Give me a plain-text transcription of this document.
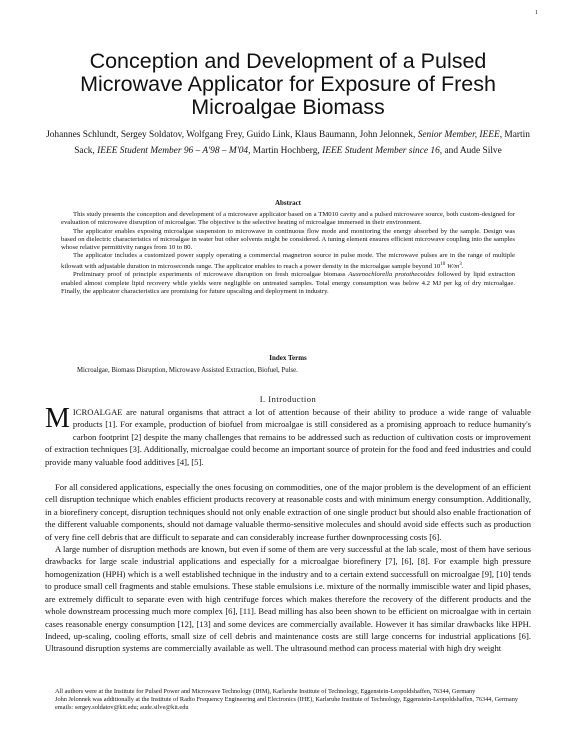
1
Conception and Development of a Pulsed Microwave Applicator for Exposure of Fresh Microalgae Biomass
Johannes Schlundt, Sergey Soldatov, Wolfgang Frey, Guido Link, Klaus Baumann, John Jelonnek, Senior Member, IEEE, Martin Sack, IEEE Student Member 96 – A'98 – M'04, Martin Hochberg, IEEE Student Member since 16, and Aude Silve
Abstract

This study presents the conception and development of a microwave applicator based on a TM010 cavity and a pulsed microwave source, both custom-designed for evaluation of microwave disruption of microalgae. The objective is the selective heating of microalgae immersed in their environment.

The applicator enables exposing microalgae suspension to microwave in continuous flow mode and monitoring the energy absorbed by the sample. Design was based on dielectric characteristics of microalgae in water but other solvents might be considered. A tuning element ensures efficient microwave coupling into the samples whose relative permittivity ranges from 10 to 80.

The applicator includes a customized power supply operating a commercial magnetron source in pulse mode. The microwave pulses are in the range of multiple kilowatt with adjustable duration in microseconds range. The applicator enables to reach a power density in the microalgae sample beyond $10^{10}$ $W/m^3$.

Preliminary proof of principle experiments of microwave disruption on fresh microalgae biomass Auxenochlorella protothecoides followed by lipid extraction enabled almost complete lipid recovery while yields were negligible on untreated samples. Total energy consumption was below 4.2 MJ per kg of dry microalgae. Finally, the applicator characteristics are promising for future upscaling and deployment in industry.

Index Terms
Microalgae, Biomass Disruption, Microwave Assisted Extraction, Biofuel, Pulse.
I. Introduction

MICROALGAE are natural organisms that attract a lot of attention because of their ability to produce a wide range of valuable products [1]. For example, production of biofuel from microalgae is still considered as a promising approach to reduce humanity's carbon footprint [2] despite the many challenges that remains to be addressed such as reduction of cultivation costs or improvement of extraction techniques [3]. Additionally, microalgae could become an important source of protein for the food and feed industries and could provide many valuable food additives [4], [5].

For all considered applications, especially the ones focusing on commodities, one of the major problem is the development of an efficient cell disruption technique which enables efficient products recovery at reasonable costs and with minimum energy consumption. Additionally, in a biorefinery concept, disruption techniques should not only enable extraction of one single product but should also enable fractionation of the different valuable components, should not damage valuable thermo-sensitive molecules and should avoid side effects such as production of very fine cell debris that are difficult to separate and can considerably increase further downprocessing costs [6].

A large number of disruption methods are known, but even if some of them are very successful at the lab scale, most of them have serious drawbacks for large scale industrial applications and especially for a microalgae biorefinery [7], [6], [8]. For example high pressure homogenization (HPH) which is a well established technique in the industry and to a certain extend successfull on microalgae [9], [10] tends to produce small cell fragments and stable emulsions. These stable emulsions i.e. mixture of the normally immiscible water and lipid phases, are extremely difficult to separate even with high centrifuge forces which makes therefore the recovery of the different products and the whole downstream processing much more complex [6], [11]. Bead milling has also been shown to be efficient on microalgae with in certain cases reasonable energy consumption [12], [13] and some devices are commercially available. However it has similar drawbacks like HPH. Indeed, up-scaling, cooling efforts, small size of cell debris and maintenance costs are still large concerns for industrial applications [6]. Ultrasound disruption systems are commercially available as well. The ultrasound method can process material with high dry weight

All authors were at the Institute for Pulsed Power and Microwave Technology (IHM), Karlsruhe Institute of Technology, Eggenstein-Leopoldshaffen, 76344, Germany

John Jelonnek was additionally at the Institute of Radio Frequency Engineering and Electronics (IHE), Karlsruhe Institute of Technology, Eggenstein-Leopoldshaffen, 76344, Germany

emails: sergey.soldatov@kit.edu; aude.silve@kit.edu
